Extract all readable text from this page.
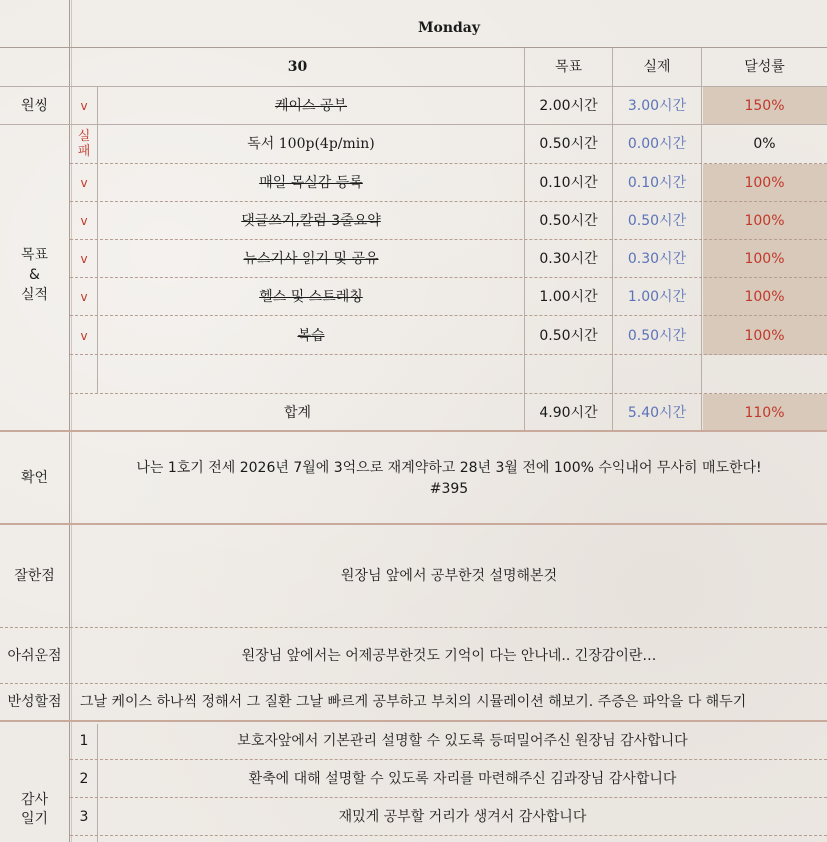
Monday
30	목표	실제	달성률
원씽	v	케이스 공부	2.00시간	3.00시간	150%
목표
&
실적
실패	독서 100p(4p/min)	0.50시간	0.00시간	0%
v	매일 목실감 등록	0.10시간	0.10시간	100%
v	댓글쓰기,칼럼 3줄요약	0.50시간	0.50시간	100%
v	뉴스기사 읽기 및 공유	0.30시간	0.30시간	100%
v	헬스 및 스트레칭	1.00시간	1.00시간	100%
v	복습	0.50시간	0.50시간	100%
합계	4.90시간	5.40시간	110%
확언
나는 1호기 전세 2026년 7월에 3억으로 재계약하고 28년 3월 전에 100% 수익내어 무사히 매도한다!
#395
잘한점	원장님 앞에서 공부한것 설명해본것
아쉬운점	원장님 앞에서는 어제공부한것도 기억이 다는 안나네.. 긴장감이란…
반성할점	그날 케이스 하나씩 정해서 그 질환 그날 빠르게 공부하고 부치의 시뮬레이션 해보기. 주증은 파악을 다 해두기
감사
일기
1	보호자앞에서 기본관리 설명할 수 있도록 등떠밀어주신 원장님 감사합니다
2	환축에 대해 설명할 수 있도록 자리를 마련해주신 김과장님 감사합니다
3	재밌게 공부할 거리가 생겨서 감사합니다
